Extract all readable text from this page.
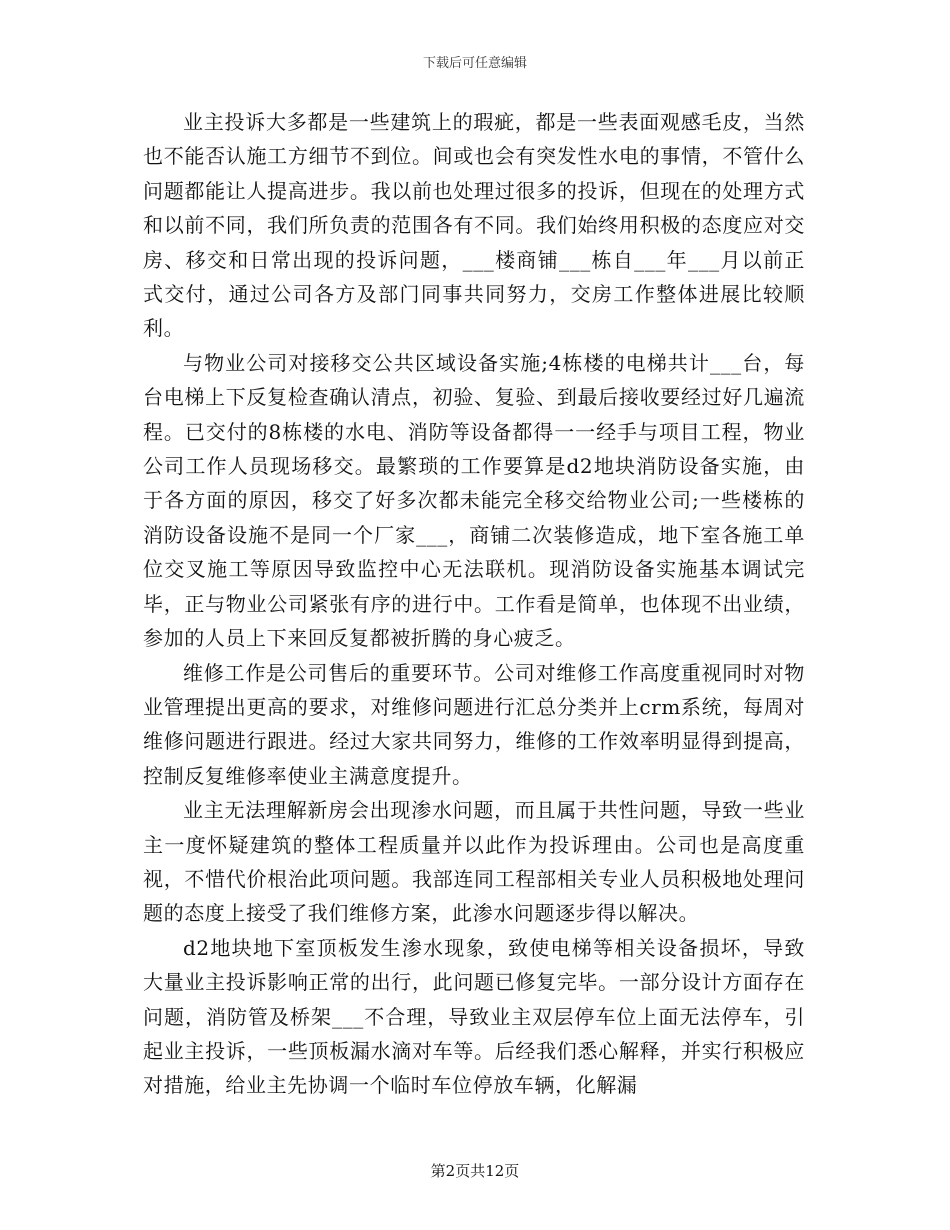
下载后可任意编辑

业主投诉大多都是一些建筑上的瑕疵，都是一些表面观感毛皮，当然也不能否认施工方细节不到位。间或也会有突发性水电的事情，不管什么问题都能让人提高进步。我以前也处理过很多的投诉，但现在的处理方式和以前不同，我们所负责的范围各有不同。我们始终用积极的态度应对交房、移交和日常出现的投诉问题，___楼商铺___栋自___年___月以前正式交付，通过公司各方及部门同事共同努力，交房工作整体进展比较顺利。

与物业公司对接移交公共区域设备实施;4栋楼的电梯共计___台，每台电梯上下反复检查确认清点，初验、复验、到最后接收要经过好几遍流程。已交付的8栋楼的水电、消防等设备都得一一经手与项目工程，物业公司工作人员现场移交。最繁琐的工作要算是d2地块消防设备实施，由于各方面的原因，移交了好多次都未能完全移交给物业公司;一些楼栋的消防设备设施不是同一个厂家___，商铺二次装修造成，地下室各施工单位交叉施工等原因导致监控中心无法联机。现消防设备实施基本调试完毕，正与物业公司紧张有序的进行中。工作看是简单，也体现不出业绩，参加的人员上下来回反复都被折腾的身心疲乏。

维修工作是公司售后的重要环节。公司对维修工作高度重视同时对物业管理提出更高的要求，对维修问题进行汇总分类并上crm系统，每周对维修问题进行跟进。经过大家共同努力，维修的工作效率明显得到提高，控制反复维修率使业主满意度提升。

业主无法理解新房会出现渗水问题，而且属于共性问题，导致一些业主一度怀疑建筑的整体工程质量并以此作为投诉理由。公司也是高度重视，不惜代价根治此项问题。我部连同工程部相关专业人员积极地处理问题的态度上接受了我们维修方案，此渗水问题逐步得以解决。

d2地块地下室顶板发生渗水现象，致使电梯等相关设备损坏，导致大量业主投诉影响正常的出行，此问题已修复完毕。一部分设计方面存在问题，消防管及桥架___不合理，导致业主双层停车位上面无法停车，引起业主投诉，一些顶板漏水滴对车等。后经我们悉心解释，并实行积极应对措施，给业主先协调一个临时车位停放车辆，化解漏

第2页共12页
